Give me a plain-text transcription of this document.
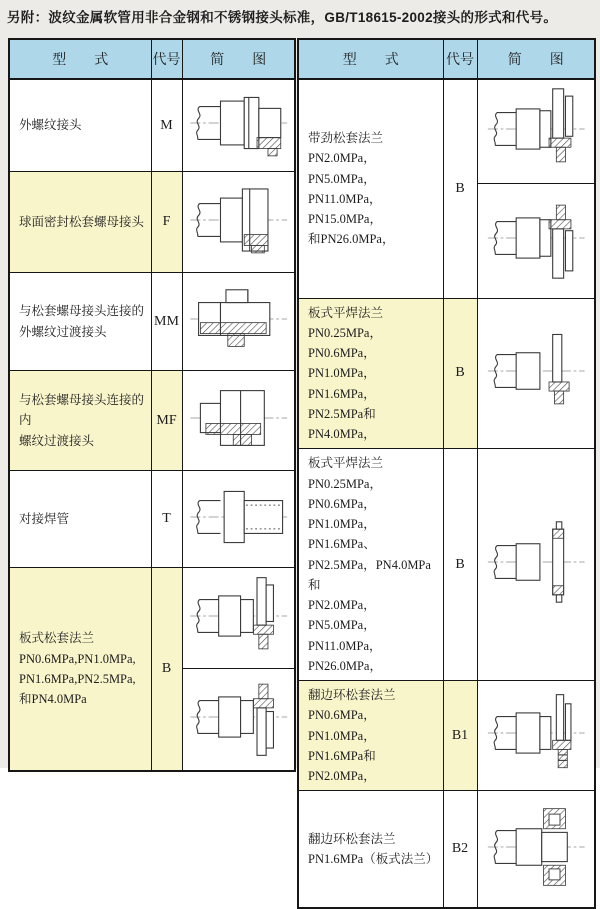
另附：波纹金属软管用非合金钢和不锈钢接头标准，GB/T18615-2002接头的形式和代号。
型　　式	代号	简　　图
外螺纹接头	M	
球面密封松套螺母接头	F	
与松套螺母接头连接的
外螺纹过渡接头	MM	
与松套螺母接头连接的内
螺纹过渡接头	MF	
对接焊管	T	
板式松套法兰
PN0.6MPa,PN1.0MPa,
PN1.6MPa,PN2.5MPa,
和PN4.0MPa	B	

型　　式	代号	简　　图
带劲松套法兰
PN2.0MPa，PN5.0MPa，
PN11.0MPa，PN15.0MPa，
和PN26.0MPa，	B	

板式平焊法兰
PN0.25MPa，PN0.6MPa，
PN1.0MPa，PN1.6MPa，
PN2.5MPa和PN4.0MPa，	B	
板式平焊法兰
PN0.25MPa，PN0.6MPa，
PN1.0MPa，PN1.6MPa、
PN2.5MPa，PN4.0MPa 和
PN2.0MPa，PN5.0MPa，
PN11.0MPa，PN26.0MPa，	B	
翻边环松套法兰
PN0.6MPa，PN1.0MPa，
PN1.6MPa和PN2.0MPa，	B1	
翻边环松套法兰
PN1.6MPa（板式法兰）	B2	
